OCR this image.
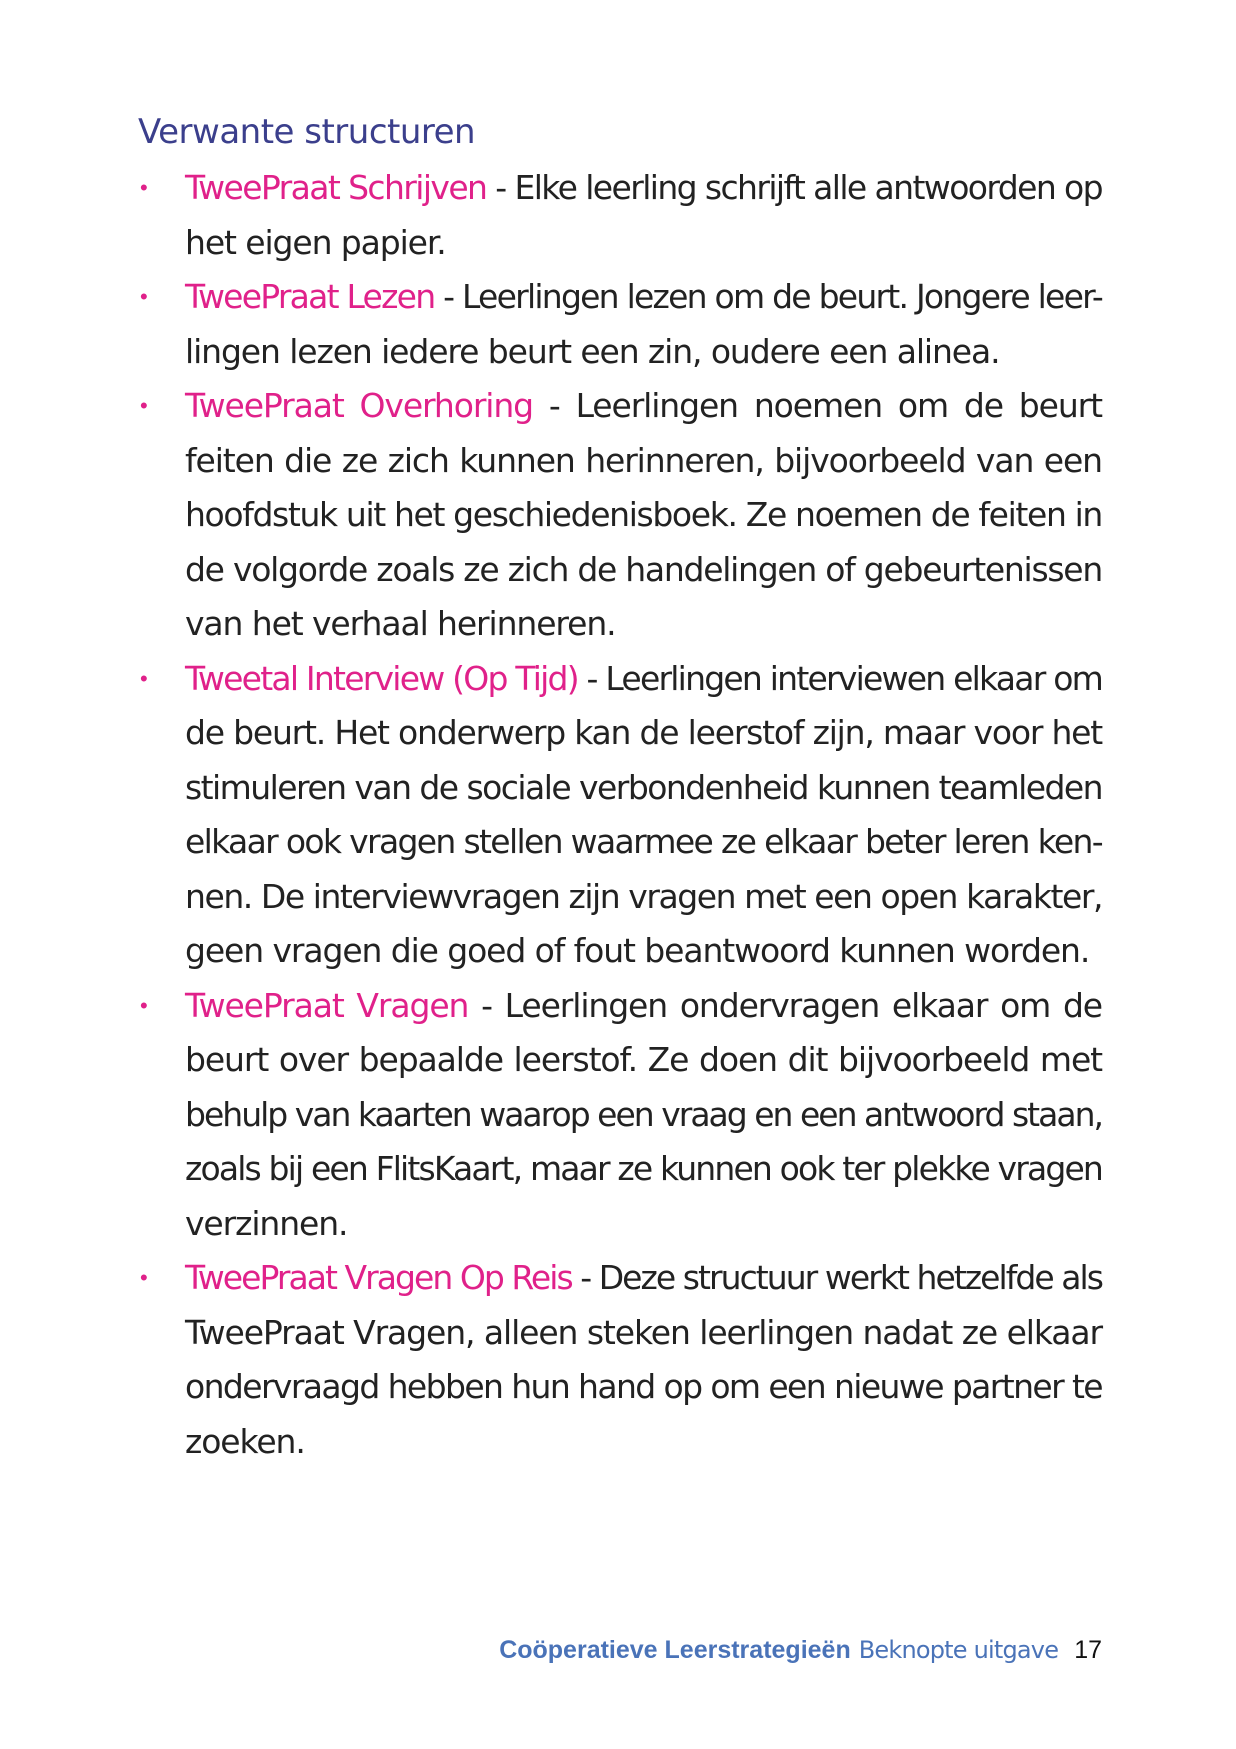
Verwante structuren
•	TweePraat Schrijven - Elke leerling schrijft alle antwoorden op
het eigen papier.
•	TweePraat Lezen - Leerlingen lezen om de beurt. Jongere leer-
lingen lezen iedere beurt een zin, oudere een alinea.
•	TweePraat Overhoring - Leerlingen noemen om de beurt
feiten die ze zich kunnen herinneren, bijvoorbeeld van een
hoofdstuk uit het geschiedenisboek. Ze noemen de feiten in
de volgorde zoals ze zich de handelingen of gebeurtenissen
van het verhaal herinneren.
•	Tweetal Interview (Op Tijd) - Leerlingen interviewen elkaar om
de beurt. Het onderwerp kan de leerstof zijn, maar voor het
stimuleren van de sociale verbondenheid kunnen teamleden
elkaar ook vragen stellen waarmee ze elkaar beter leren ken-
nen. De interviewvragen zijn vragen met een open karakter,
geen vragen die goed of fout beantwoord kunnen worden.
•	TweePraat Vragen - Leerlingen ondervragen elkaar om de
beurt over bepaalde leerstof. Ze doen dit bijvoorbeeld met
behulp van kaarten waarop een vraag en een antwoord staan,
zoals bij een FlitsKaart, maar ze kunnen ook ter plekke vragen
verzinnen.
•	TweePraat Vragen Op Reis - Deze structuur werkt hetzelfde als
TweePraat Vragen, alleen steken leerlingen nadat ze elkaar
ondervraagd hebben hun hand op om een nieuwe partner te
zoeken.
Coöperatieve Leerstrategieën Beknopte uitgave 17
